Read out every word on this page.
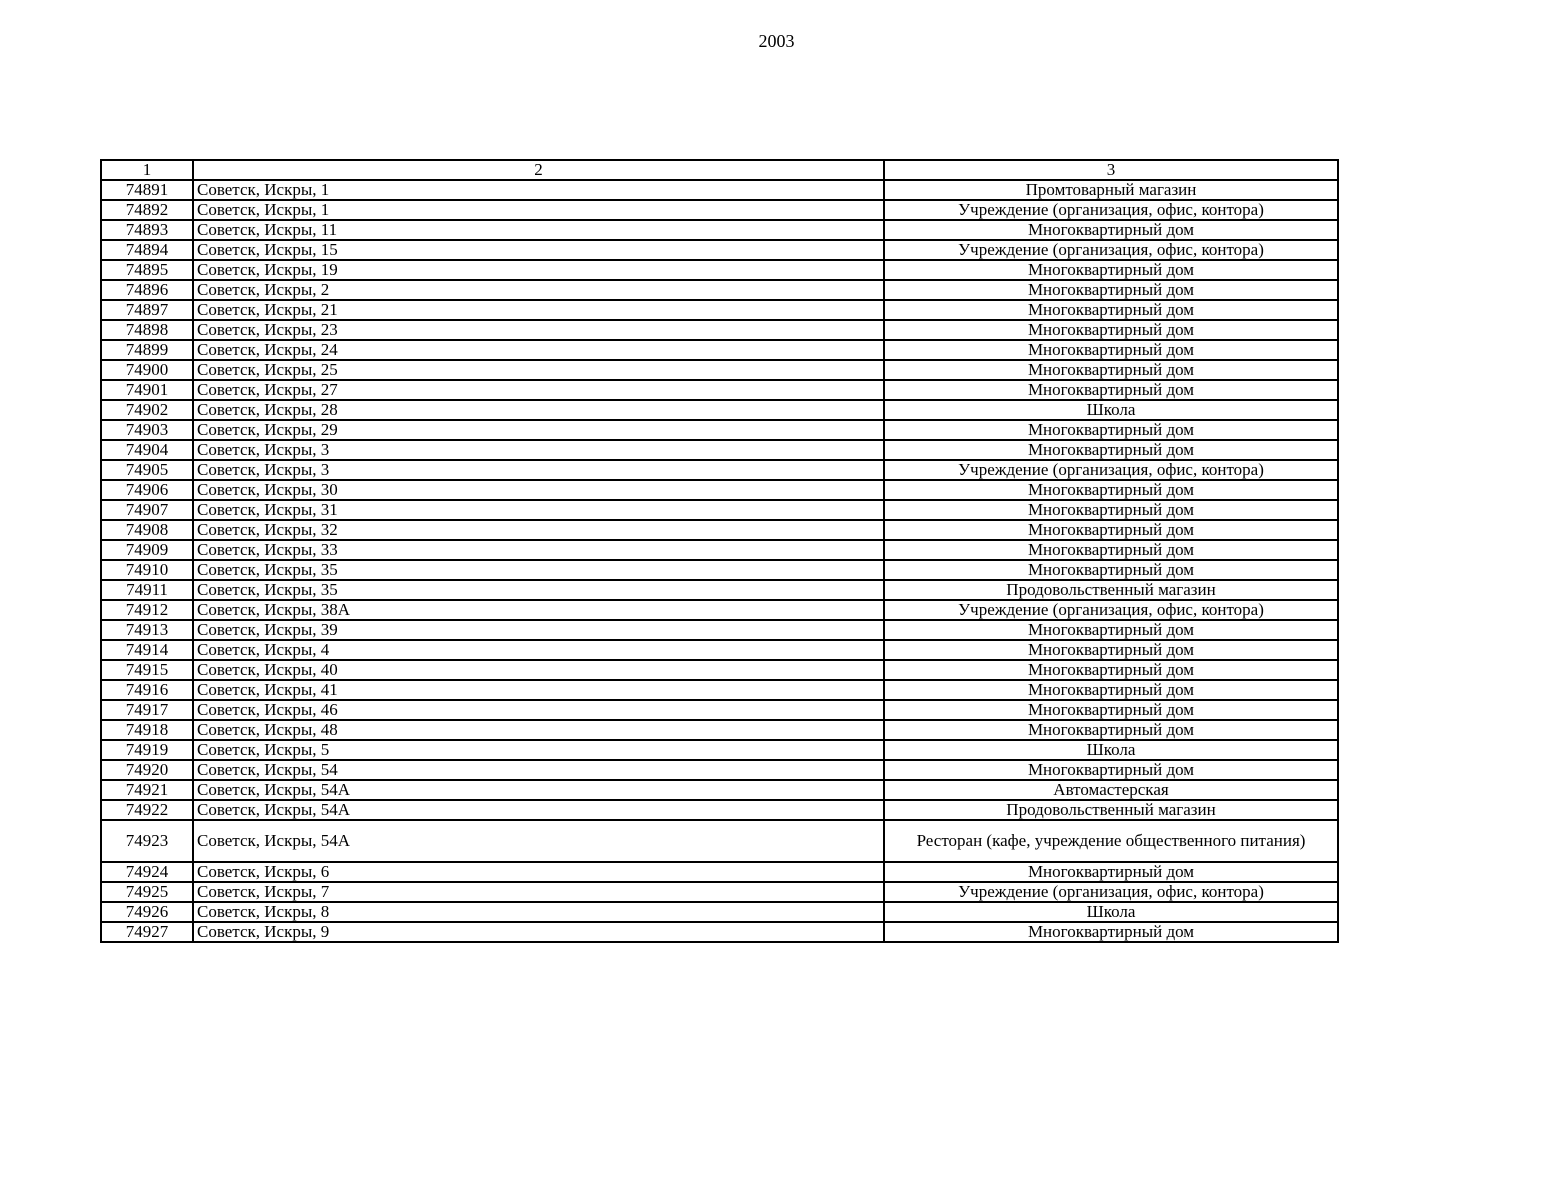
2003
1	2	3
74891	Советск, Искры, 1	Промтоварный магазин
74892	Советск, Искры, 1	Учреждение (организация, офис, контора)
74893	Советск, Искры, 11	Многоквартирный дом
74894	Советск, Искры, 15	Учреждение (организация, офис, контора)
74895	Советск, Искры, 19	Многоквартирный дом
74896	Советск, Искры, 2	Многоквартирный дом
74897	Советск, Искры, 21	Многоквартирный дом
74898	Советск, Искры, 23	Многоквартирный дом
74899	Советск, Искры, 24	Многоквартирный дом
74900	Советск, Искры, 25	Многоквартирный дом
74901	Советск, Искры, 27	Многоквартирный дом
74902	Советск, Искры, 28	Школа
74903	Советск, Искры, 29	Многоквартирный дом
74904	Советск, Искры, 3	Многоквартирный дом
74905	Советск, Искры, 3	Учреждение (организация, офис, контора)
74906	Советск, Искры, 30	Многоквартирный дом
74907	Советск, Искры, 31	Многоквартирный дом
74908	Советск, Искры, 32	Многоквартирный дом
74909	Советск, Искры, 33	Многоквартирный дом
74910	Советск, Искры, 35	Многоквартирный дом
74911	Советск, Искры, 35	Продовольственный магазин
74912	Советск, Искры, 38А	Учреждение (организация, офис, контора)
74913	Советск, Искры, 39	Многоквартирный дом
74914	Советск, Искры, 4	Многоквартирный дом
74915	Советск, Искры, 40	Многоквартирный дом
74916	Советск, Искры, 41	Многоквартирный дом
74917	Советск, Искры, 46	Многоквартирный дом
74918	Советск, Искры, 48	Многоквартирный дом
74919	Советск, Искры, 5	Школа
74920	Советск, Искры, 54	Многоквартирный дом
74921	Советск, Искры, 54А	Автомастерская
74922	Советск, Искры, 54А	Продовольственный магазин
74923	Советск, Искры, 54А	Ресторан (кафе, учреждение общественного питания)
74924	Советск, Искры, 6	Многоквартирный дом
74925	Советск, Искры, 7	Учреждение (организация, офис, контора)
74926	Советск, Искры, 8	Школа
74927	Советск, Искры, 9	Многоквартирный дом
